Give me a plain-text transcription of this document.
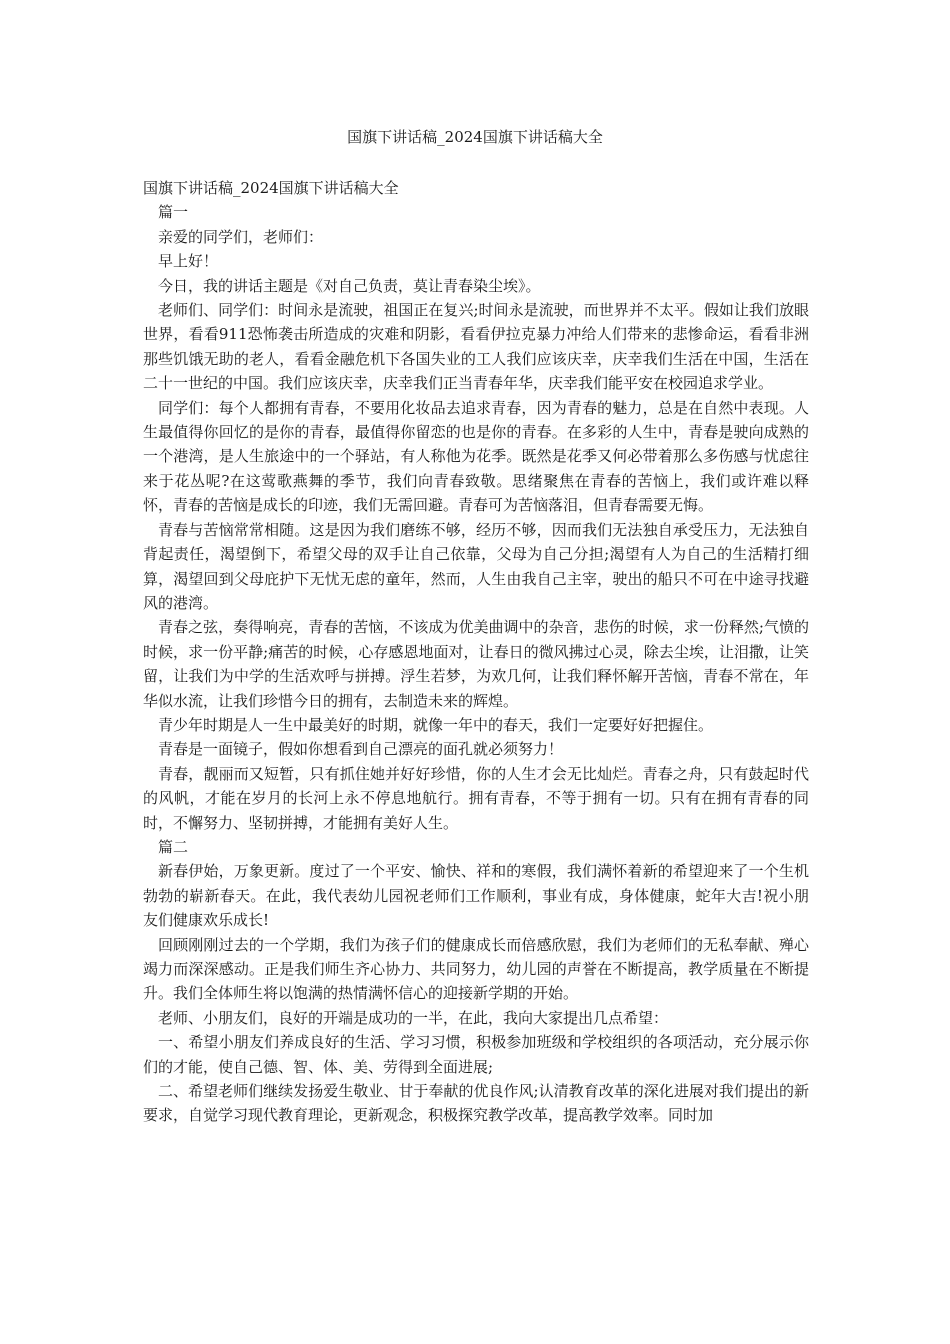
国旗下讲话稿_2024国旗下讲话稿大全

国旗下讲话稿_2024国旗下讲话稿大全

篇一

亲爱的同学们，老师们：

早上好！

今日，我的讲话主题是《对自己负责，莫让青春染尘埃》。

老师们、同学们：时间永是流驶，祖国正在复兴;时间永是流驶，而世界并不太平。假如让我们放眼世界，看看911恐怖袭击所造成的灾难和阴影，看看伊拉克暴力冲给人们带来的悲惨命运，看看非洲那些饥饿无助的老人，看看金融危机下各国失业的工人我们应该庆幸，庆幸我们生活在中国，生活在二十一世纪的中国。我们应该庆幸，庆幸我们正当青春年华，庆幸我们能平安在校园追求学业。

同学们：每个人都拥有青春，不要用化妆品去追求青春，因为青春的魅力，总是在自然中表现。人生最值得你回忆的是你的青春，最值得你留恋的也是你的青春。在多彩的人生中，青春是驶向成熟的一个港湾，是人生旅途中的一个驿站，有人称他为花季。既然是花季又何必带着那么多伤感与忧虑往来于花丛呢?在这莺歌燕舞的季节，我们向青春致敬。思绪聚焦在青春的苦恼上，我们或许难以释怀，青春的苦恼是成长的印迹，我们无需回避。青春可为苦恼落泪，但青春需要无悔。

青春与苦恼常常相随。这是因为我们磨练不够，经历不够，因而我们无法独自承受压力，无法独自背起责任，渴望倒下，希望父母的双手让自己依靠，父母为自己分担;渴望有人为自己的生活精打细算，渴望回到父母庇护下无忧无虑的童年，然而，人生由我自己主宰，驶出的船只不可在中途寻找避风的港湾。

青春之弦，奏得响亮，青春的苦恼，不该成为优美曲调中的杂音，悲伤的时候，求一份释然;气愤的时候，求一份平静;痛苦的时候，心存感恩地面对，让春日的微风拂过心灵，除去尘埃，让泪撒，让笑留，让我们为中学的生活欢呼与拼搏。浮生若梦，为欢几何，让我们释怀解开苦恼，青春不常在，年华似水流，让我们珍惜今日的拥有，去制造未来的辉煌。

青少年时期是人一生中最美好的时期，就像一年中的春天，我们一定要好好把握住。

青春是一面镜子，假如你想看到自己漂亮的面孔就必须努力！

青春，靓丽而又短暂，只有抓住她并好好珍惜，你的人生才会无比灿烂。青春之舟，只有鼓起时代的风帆，才能在岁月的长河上永不停息地航行。拥有青春，不等于拥有一切。只有在拥有青春的同时，不懈努力、坚韧拼搏，才能拥有美好人生。

篇二

新春伊始，万象更新。度过了一个平安、愉快、祥和的寒假，我们满怀着新的希望迎来了一个生机勃勃的崭新春天。在此，我代表幼儿园祝老师们工作顺利，事业有成，身体健康，蛇年大吉!祝小朋友们健康欢乐成长!

回顾刚刚过去的一个学期，我们为孩子们的健康成长而倍感欣慰，我们为老师们的无私奉献、殚心竭力而深深感动。正是我们师生齐心协力、共同努力，幼儿园的声誉在不断提高，教学质量在不断提升。我们全体师生将以饱满的热情满怀信心的迎接新学期的开始。

老师、小朋友们，良好的开端是成功的一半，在此，我向大家提出几点希望：

一、希望小朋友们养成良好的生活、学习习惯，积极参加班级和学校组织的各项活动，充分展示你们的才能，使自己德、智、体、美、劳得到全面进展;

二、希望老师们继续发扬爱生敬业、甘于奉献的优良作风;认清教育改革的深化进展对我们提出的新要求，自觉学习现代教育理论，更新观念，积极探究教学改革，提高教学效率。同时加
